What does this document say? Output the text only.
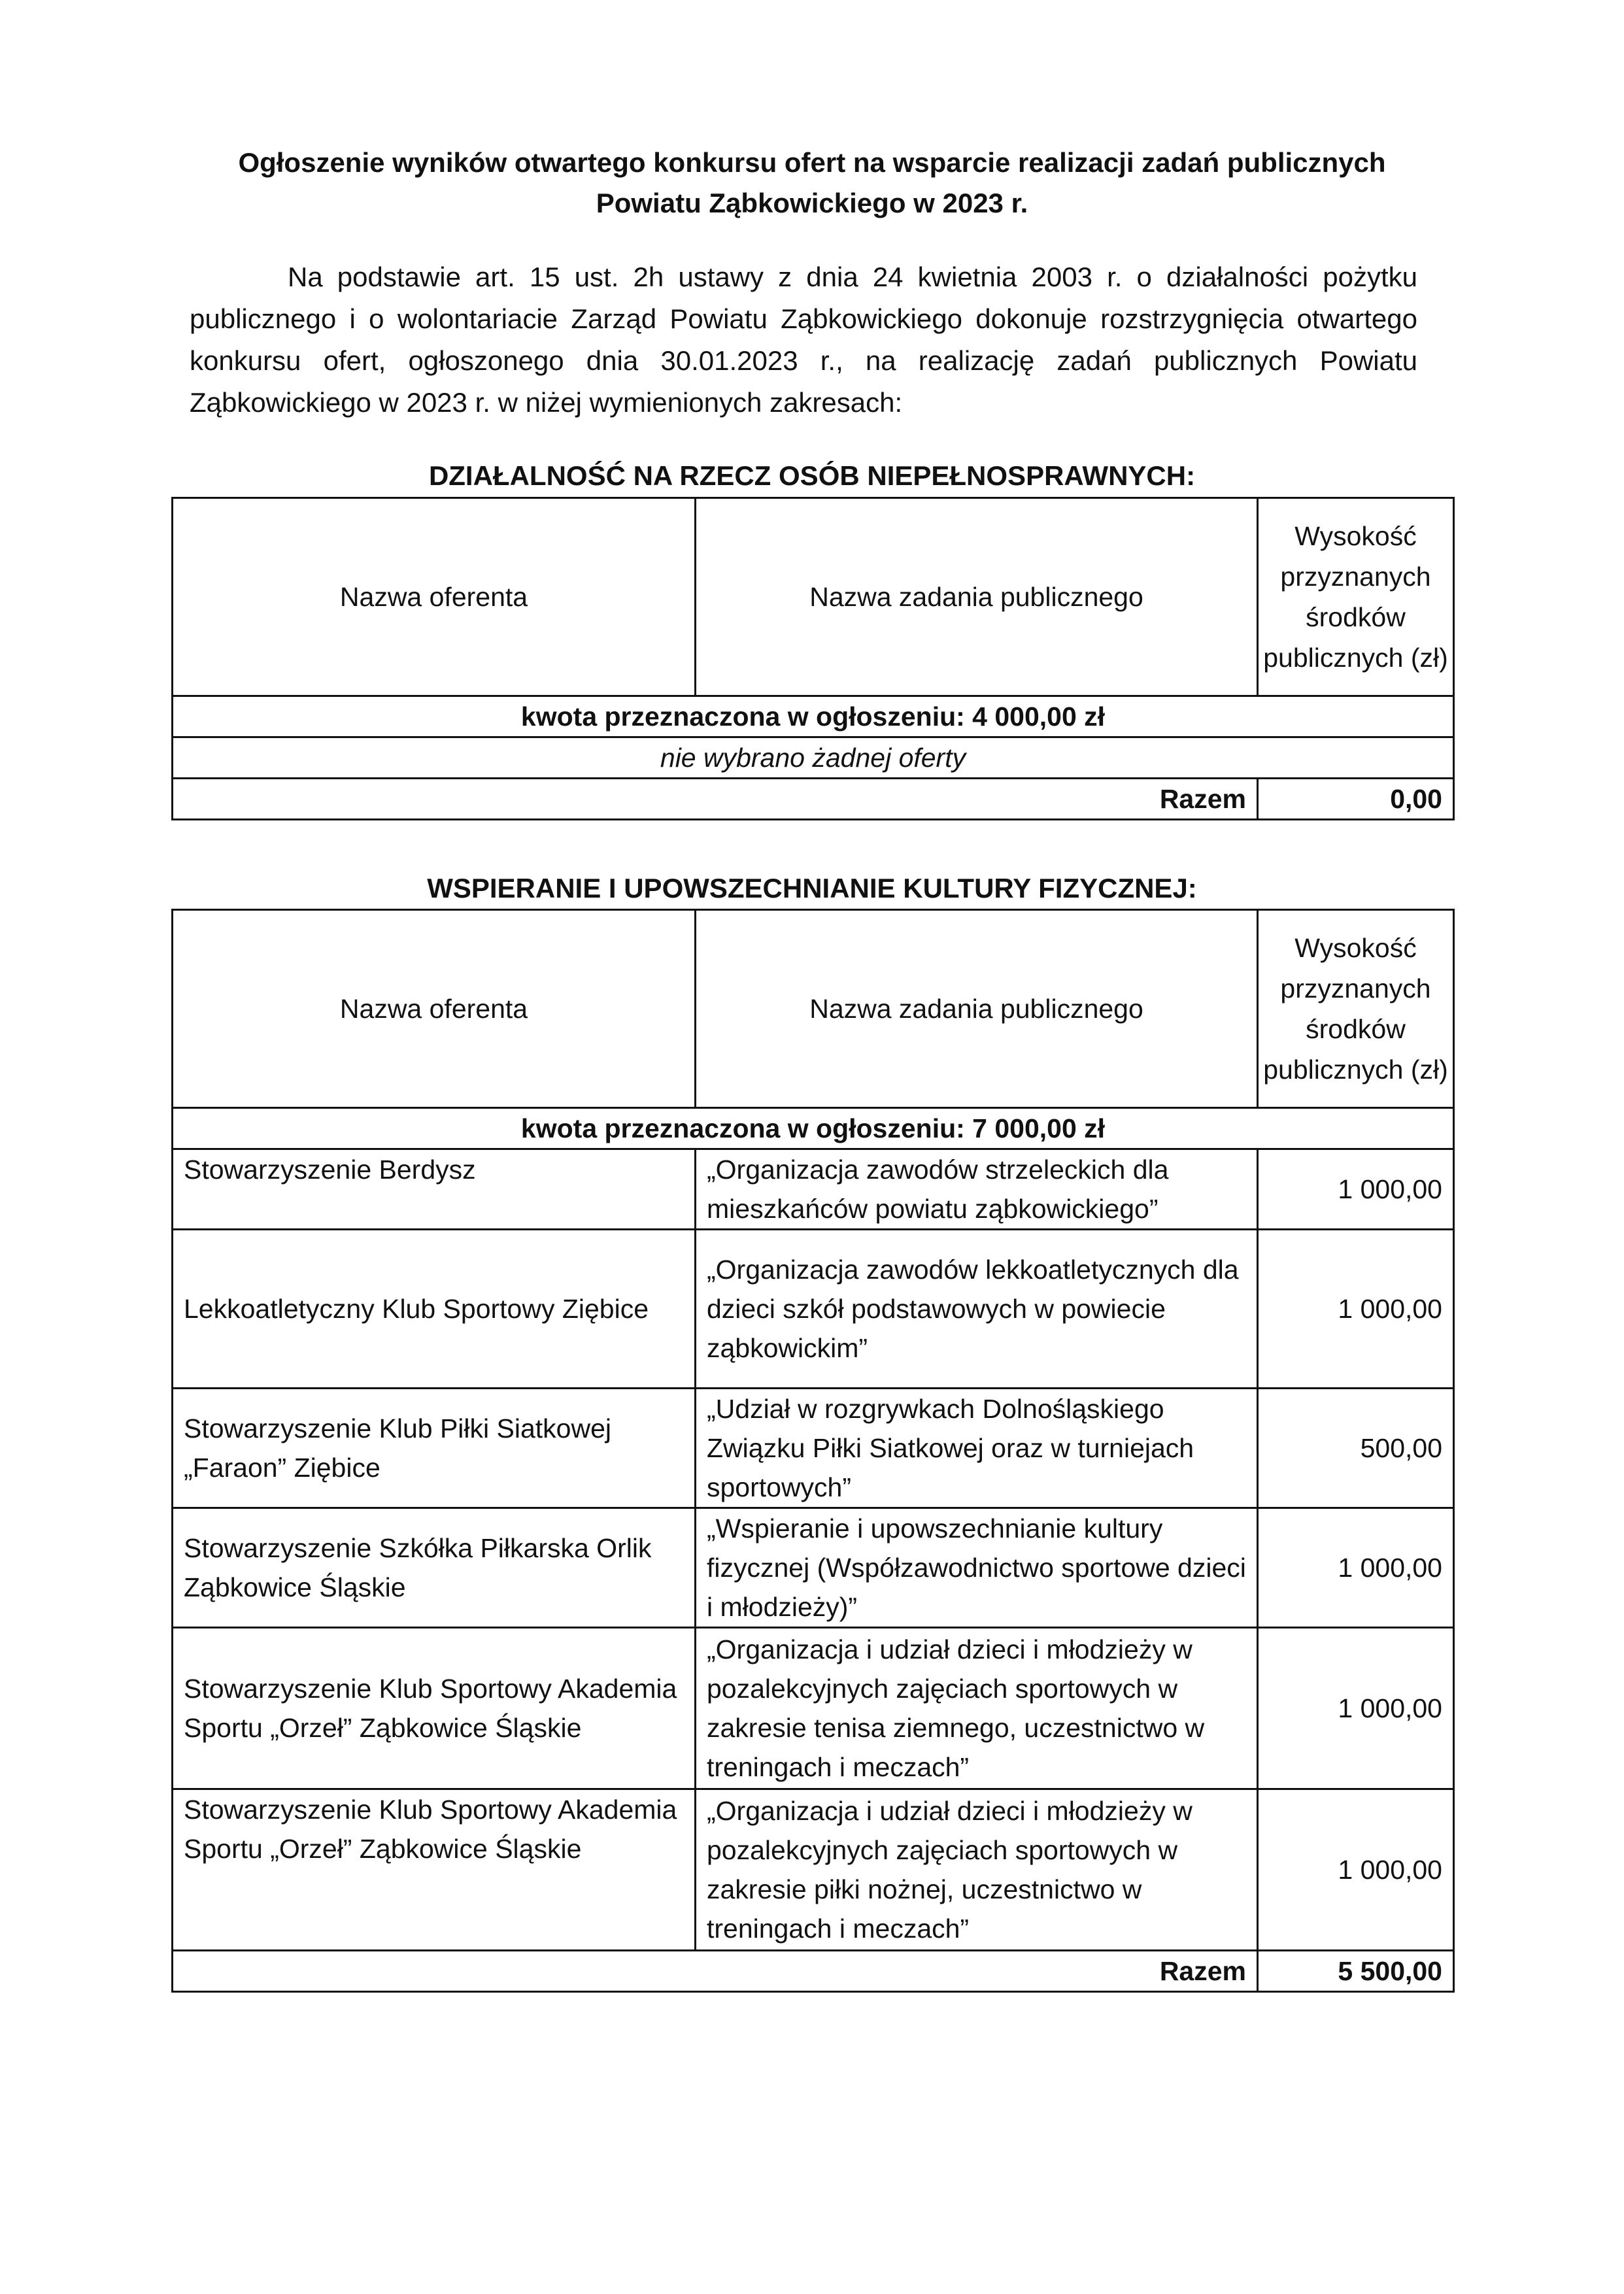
Ogłoszenie wyników otwartego konkursu ofert na wsparcie realizacji zadań publicznych
Powiatu Ząbkowickiego w 2023 r.

Na podstawie art. 15 ust. 2h ustawy z dnia 24 kwietnia 2003 r. o działalności pożytku publicznego i o wolontariacie Zarząd Powiatu Ząbkowickiego dokonuje rozstrzygnięcia otwartego konkursu ofert, ogłoszonego dnia 30.01.2023 r., na realizację zadań publicznych Powiatu Ząbkowickiego w 2023 r. w niżej wymienionych zakresach:

DZIAŁALNOŚĆ NA RZECZ OSÓB NIEPEŁNOSPRAWNYCH:
Nazwa oferenta	Nazwa zadania publicznego	Wysokość przyznanych środków publicznych (zł)
kwota przeznaczona w ogłoszeniu: 4 000,00 zł		
nie wybrano żadnej oferty		
Razem		0,00
WSPIERANIE I UPOWSZECHNIANIE KULTURY FIZYCZNEJ:
Nazwa oferenta	Nazwa zadania publicznego	Wysokość przyznanych środków publicznych (zł)
kwota przeznaczona w ogłoszeniu: 7 000,00 zł		
Stowarzyszenie Berdysz	„Organizacja zawodów strzeleckich dla mieszkańców powiatu ząbkowickiego”	1 000,00
Lekkoatletyczny Klub Sportowy Ziębice	„Organizacja zawodów lekkoatletycznych dla dzieci szkół podstawowych w powiecie ząbkowickim”	1 000,00
Stowarzyszenie Klub Piłki Siatkowej „Faraon” Ziębice	„Udział w rozgrywkach Dolnośląskiego Związku Piłki Siatkowej oraz w turniejach sportowych”	500,00
Stowarzyszenie Szkółka Piłkarska Orlik Ząbkowice Śląskie	„Wspieranie i upowszechnianie kultury fizycznej (Współzawodnictwo sportowe dzieci i młodzieży)”	1 000,00
Stowarzyszenie Klub Sportowy Akademia Sportu „Orzeł” Ząbkowice Śląskie	„Organizacja i udział dzieci i młodzieży w pozalekcyjnych zajęciach sportowych w zakresie tenisa ziemnego, uczestnictwo w treningach i meczach”	1 000,00
Stowarzyszenie Klub Sportowy Akademia Sportu „Orzeł” Ząbkowice Śląskie	„Organizacja i udział dzieci i młodzieży w pozalekcyjnych zajęciach sportowych w zakresie piłki nożnej, uczestnictwo w treningach i meczach”	1 000,00
Razem		5 500,00
